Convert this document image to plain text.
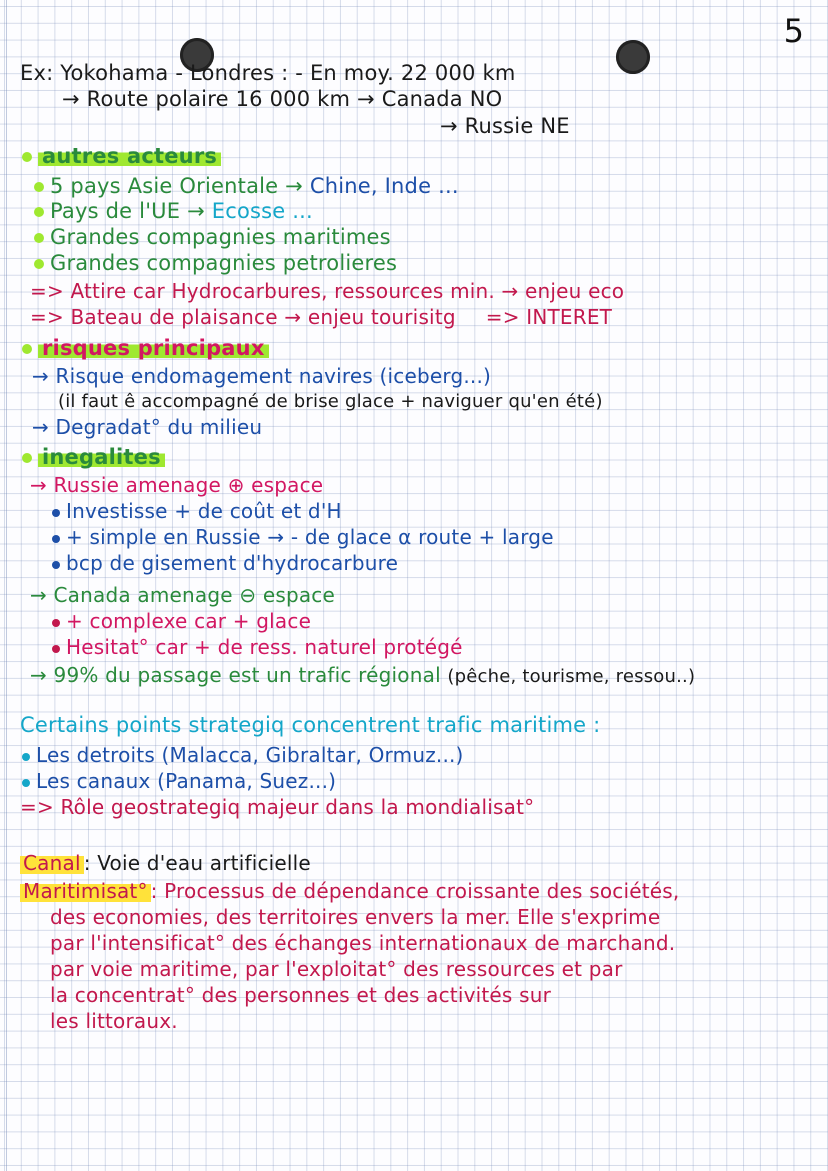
5
Ex: Yokohama - Londres : - En moy. 22 000 km
→ Route polaire 16 000 km → Canada NO
→ Russie NE
autres acteurs
5 pays Asie Orientale → Chine, Inde ...
Pays de l'UE → Ecosse ...
Grandes compagnies maritimes
Grandes compagnies petrolieres
=> Attire car Hydrocarbures, ressources min. → enjeu eco
=> Bateau de plaisance → enjeu tourisitg => INTERET
risques principaux
→ Risque endomagement navires (iceberg...)
(il faut ê accompagné de brise glace + naviguer qu'en été)
→ Degradat° du milieu
inegalites
→ Russie amenage ⊕ espace
Investisse + de coût et d'H
+ simple en Russie → - de glace α route + large
bcp de gisement d'hydrocarbure
→ Canada amenage ⊖ espace
+ complexe car + glace
Hesitat° car + de ress. naturel protégé
→ 99% du passage est un trafic régional (pêche, tourisme, ressou..)
Certains points strategiq concentrent trafic maritime :
Les detroits (Malacca, Gibraltar, Ormuz...)
Les canaux (Panama, Suez...)
=> Rôle geostrategiq majeur dans la mondialisat°
Canal : Voie d'eau artificielle
Maritimisat° : Processus de dépendance croissante des sociétés,
des economies, des territoires envers la mer. Elle s'exprime
par l'intensificat° des échanges internationaux de marchand.
par voie maritime, par l'exploitat° des ressources et par
la concentrat° des personnes et des activités sur
les littoraux.
